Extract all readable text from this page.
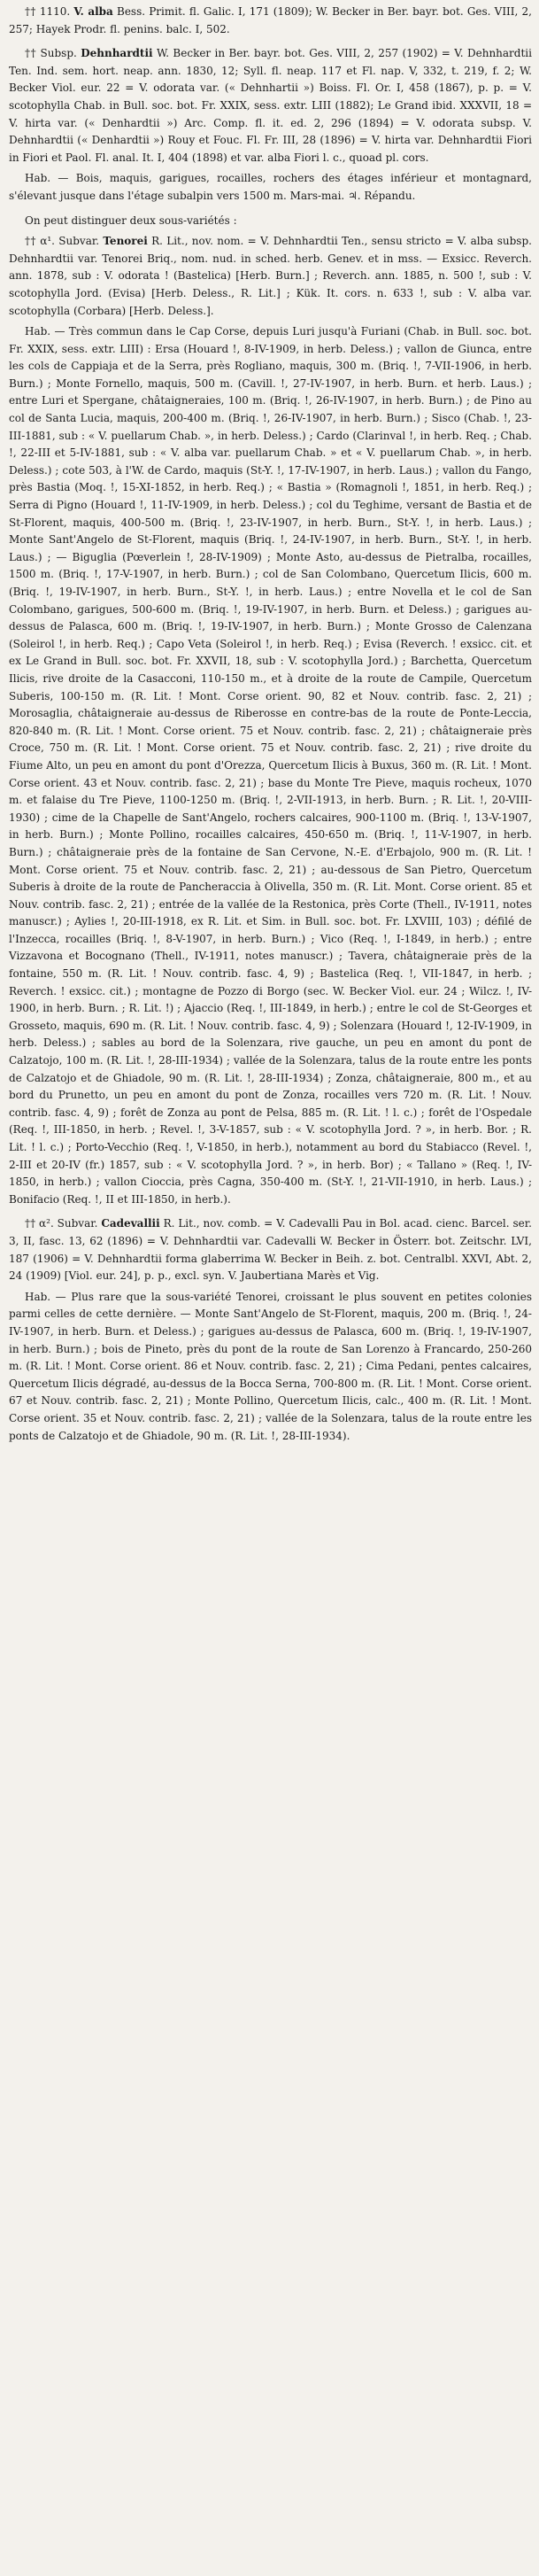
†† 1110. V. alba Bess. Primit. fl. Galic. I, 171 (1809); W. Becker in Ber. bayr. bot. Ges. VIII, 2, 257; Hayek Prodr. fl. penins. balc. I, 502.

†† Subsp. Dehnhardtii W. Becker in Ber. bayr. bot. Ges. VIII, 2, 257 (1902) = V. Dehnhardtii Ten. Ind. sem. hort. neap. ann. 1830, 12; Syll. fl. neap. 117 et Fl. nap. V, 332, t. 219, f. 2; W. Becker Viol. eur. 22 = V. odorata var. (« Dehnhartii ») Boiss. Fl. Or. I, 458 (1867), p. p. = V. scotophylla Chab. in Bull. soc. bot. Fr. XXIX, sess. extr. LIII (1882); Le Grand ibid. XXXVII, 18 = V. hirta var. (« Denhardtii ») Arc. Comp. fl. it. ed. 2, 296 (1894) = V. odorata subsp. V. Dehnhardtii (« Denhardtii ») Rouy et Fouc. Fl. Fr. III, 28 (1896) = V. hirta var. Dehnhardtii Fiori in Fiori et Paol. Fl. anal. It. I, 404 (1898) et var. alba Fiori l. c., quoad pl. cors.

Hab. — Bois, maquis, garigues, rocailles, rochers des étages inférieur et montagnard, s'élevant jusque dans l'étage subalpin vers 1500 m. Mars-mai. ♃. Répandu.

On peut distinguer deux sous-variétés :

†† α¹. Subvar. Tenorei R. Lit., nov. nom. = V. Dehnhardtii Ten., sensu stricto = V. alba subsp. Dehnhardtii var. Tenorei Briq., nom. nud. in sched. herb. Genev. et in mss. — Exsicc. Reverch. ann. 1878, sub : V. odorata ! (Bastelica) [Herb. Burn.] ; Reverch. ann. 1885, n. 500 !, sub : V. scotophylla Jord. (Evisa) [Herb. Deless., R. Lit.] ; Kük. It. cors. n. 633 !, sub : V. alba var. scotophylla (Corbara) [Herb. Deless.].

Hab. — Très commun dans le Cap Corse, depuis Luri jusqu'à Furiani (Chab. in Bull. soc. bot. Fr. XXIX, sess. extr. LIII) : Ersa (Houard !, 8-IV-1909, in herb. Deless.) ; vallon de Giunca, entre les cols de Cappiaja et de la Serra, près Rogliano, maquis, 300 m. (Briq. !, 7-VII-1906, in herb. Burn.) ; Monte Fornello, maquis, 500 m. (Cavill. !, 27-IV-1907, in herb. Burn. et herb. Laus.) ; entre Luri et Spergane, châtaigneraies, 100 m. (Briq. !, 26-IV-1907, in herb. Burn.) ; de Pino au col de Santa Lucia, maquis, 200-400 m. (Briq. !, 26-IV-1907, in herb. Burn.) ; Sisco (Chab. !, 23-III-1881, sub : « V. puellarum Chab. », in herb. Deless.) ; Cardo (Clarinval !, in herb. Req. ; Chab. !, 22-III et 5-IV-1881, sub : « V. alba var. puellarum Chab. » et « V. puellarum Chab. », in herb. Deless.) ; cote 503, à l'W. de Cardo, maquis (St-Y. !, 17-IV-1907, in herb. Laus.) ; vallon du Fango, près Bastia (Moq. !, 15-XI-1852, in herb. Req.) ; « Bastia » (Romagnoli !, 1851, in herb. Req.) ; Serra di Pigno (Houard !, 11-IV-1909, in herb. Deless.) ; col du Teghime, versant de Bastia et de St-Florent, maquis, 400-500 m. (Briq. !, 23-IV-1907, in herb. Burn., St-Y. !, in herb. Laus.) ; Monte Sant'Angelo de St-Florent, maquis (Briq. !, 24-IV-1907, in herb. Burn., St-Y. !, in herb. Laus.) ; — Biguglia (Pœverlein !, 28-IV-1909) ; Monte Asto, au-dessus de Pietralba, rocailles, 1500 m. (Briq. !, 17-V-1907, in herb. Burn.) ; col de San Colombano, Quercetum Ilicis, 600 m. (Briq. !, 19-IV-1907, in herb. Burn., St-Y. !, in herb. Laus.) ; entre Novella et le col de San Colombano, garigues, 500-600 m. (Briq. !, 19-IV-1907, in herb. Burn. et Deless.) ; garigues au-dessus de Palasca, 600 m. (Briq. !, 19-IV-1907, in herb. Burn.) ; Monte Grosso de Calenzana (Soleirol !, in herb. Req.) ; Capo Veta (Soleirol !, in herb. Req.) ; Evisa (Reverch. ! exsicc. cit. et ex Le Grand in Bull. soc. bot. Fr. XXVII, 18, sub : V. scotophylla Jord.) ; Barchetta, Quercetum Ilicis, rive droite de la Casacconi, 110-150 m., et à droite de la route de Campile, Quercetum Suberis, 100-150 m. (R. Lit. ! Mont. Corse orient. 90, 82 et Nouv. contrib. fasc. 2, 21) ; Morosaglia, châtaigneraie au-dessus de Riberosse en contre-bas de la route de Ponte-Leccia, 820-840 m. (R. Lit. ! Mont. Corse orient. 75 et Nouv. contrib. fasc. 2, 21) ; châtaigneraie près Croce, 750 m. (R. Lit. ! Mont. Corse orient. 75 et Nouv. contrib. fasc. 2, 21) ; rive droite du Fiume Alto, un peu en amont du pont d'Orezza, Quercetum Ilicis à Buxus, 360 m. (R. Lit. ! Mont. Corse orient. 43 et Nouv. contrib. fasc. 2, 21) ; base du Monte Tre Pieve, maquis rocheux, 1070 m. et falaise du Tre Pieve, 1100-1250 m. (Briq. !, 2-VII-1913, in herb. Burn. ; R. Lit. !, 20-VIII-1930) ; cime de la Chapelle de Sant'Angelo, rochers calcaires, 900-1100 m. (Briq. !, 13-V-1907, in herb. Burn.) ; Monte Pollino, rocailles calcaires, 450-650 m. (Briq. !, 11-V-1907, in herb. Burn.) ; châtaigneraie près de la fontaine de San Cervone, N.-E. d'Erbajolo, 900 m. (R. Lit. ! Mont. Corse orient. 75 et Nouv. contrib. fasc. 2, 21) ; au-dessous de San Pietro, Quercetum Suberis à droite de la route de Pancheraccia à Olivella, 350 m. (R. Lit. Mont. Corse orient. 85 et Nouv. contrib. fasc. 2, 21) ; entrée de la vallée de la Restonica, près Corte (Thell., IV-1911, notes manuscr.) ; Aylies !, 20-III-1918, ex R. Lit. et Sim. in Bull. soc. bot. Fr. LXVIII, 103) ; défilé de l'Inzecca, rocailles (Briq. !, 8-V-1907, in herb. Burn.) ; Vico (Req. !, I-1849, in herb.) ; entre Vizzavona et Bocognano (Thell., IV-1911, notes manuscr.) ; Tavera, châtaigneraie près de la fontaine, 550 m. (R. Lit. ! Nouv. contrib. fasc. 4, 9) ; Bastelica (Req. !, VII-1847, in herb. ; Reverch. ! exsicc. cit.) ; montagne de Pozzo di Borgo (sec. W. Becker Viol. eur. 24 ; Wilcz. !, IV-1900, in herb. Burn. ; R. Lit. !) ; Ajaccio (Req. !, III-1849, in herb.) ; entre le col de St-Georges et Grosseto, maquis, 690 m. (R. Lit. ! Nouv. contrib. fasc. 4, 9) ; Solenzara (Houard !, 12-IV-1909, in herb. Deless.) ; sables au bord de la Solenzara, rive gauche, un peu en amont du pont de Calzatojo, 100 m. (R. Lit. !, 28-III-1934) ; vallée de la Solenzara, talus de la route entre les ponts de Calzatojo et de Ghiadole, 90 m. (R. Lit. !, 28-III-1934) ; Zonza, châtaigneraie, 800 m., et au bord du Prunetto, un peu en amont du pont de Zonza, rocailles vers 720 m. (R. Lit. ! Nouv. contrib. fasc. 4, 9) ; forêt de Zonza au pont de Pelsa, 885 m. (R. Lit. ! l. c.) ; forêt de l'Ospedale (Req. !, III-1850, in herb. ; Revel. !, 3-V-1857, sub : « V. scotophylla Jord. ? », in herb. Bor. ; R. Lit. ! l. c.) ; Porto-Vecchio (Req. !, V-1850, in herb.), notamment au bord du Stabiacco (Revel. !, 2-III et 20-IV (fr.) 1857, sub : « V. scotophylla Jord. ? », in herb. Bor) ; « Tallano » (Req. !, IV-1850, in herb.) ; vallon Cioccia, près Cagna, 350-400 m. (St-Y. !, 21-VII-1910, in herb. Laus.) ; Bonifacio (Req. !, II et III-1850, in herb.).

†† α². Subvar. Cadevallii R. Lit., nov. comb. = V. Cadevalli Pau in Bol. acad. cienc. Barcel. ser. 3, II, fasc. 13, 62 (1896) = V. Dehnhardtii var. Cadevalli W. Becker in Österr. bot. Zeitschr. LVI, 187 (1906) = V. Dehnhardtii forma glaberrima W. Becker in Beih. z. bot. Centralbl. XXVI, Abt. 2, 24 (1909) [Viol. eur. 24], p. p., excl. syn. V. Jaubertiana Marès et Vig.

Hab. — Plus rare que la sous-variété Tenorei, croissant le plus souvent en petites colonies parmi celles de cette dernière. — Monte Sant'Angelo de St-Florent, maquis, 200 m. (Briq. !, 24-IV-1907, in herb. Burn. et Deless.) ; garigues au-dessus de Palasca, 600 m. (Briq. !, 19-IV-1907, in herb. Burn.) ; bois de Pineto, près du pont de la route de San Lorenzo à Francardo, 250-260 m. (R. Lit. ! Mont. Corse orient. 86 et Nouv. contrib. fasc. 2, 21) ; Cima Pedani, pentes calcaires, Quercetum Ilicis dégradé, au-dessus de la Bocca Serna, 700-800 m. (R. Lit. ! Mont. Corse orient. 67 et Nouv. contrib. fasc. 2, 21) ; Monte Pollino, Quercetum Ilicis, calc., 400 m. (R. Lit. ! Mont. Corse orient. 35 et Nouv. contrib. fasc. 2, 21) ; vallée de la Solenzara, talus de la route entre les ponts de Calzatojo et de Ghiadole, 90 m. (R. Lit. !, 28-III-1934).
